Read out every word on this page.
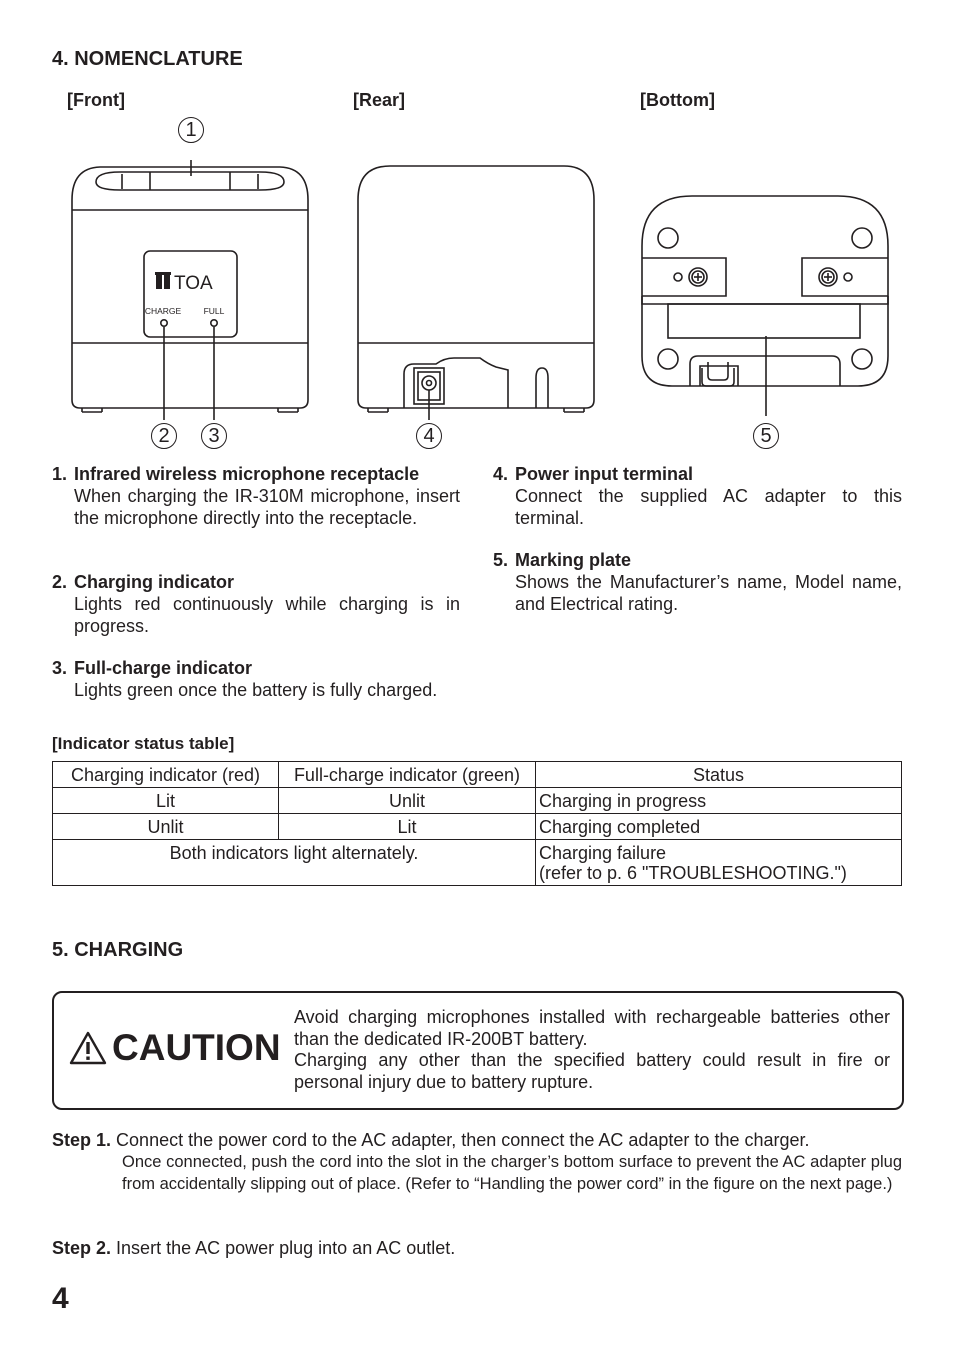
4. NOMENCLATURE
[Front]	[Rear]	[Bottom]
TOA
CHARGE	FULL
1
2	3	4	5
1. Infrared wireless microphone receptacle
When charging the IR-310M microphone, insert the microphone directly into the receptacle.
2. Charging indicator
Lights red continuously while charging is in progress.
3. Full-charge indicator
Lights green once the battery is fully charged.
4. Power input terminal
Connect the supplied AC adapter to this terminal.
5. Marking plate
Shows the Manufacturer’s name, Model name, and Electrical rating.
[Indicator status table]
Charging indicator (red)	Full-charge indicator (green)	Status
Lit	Unlit	Charging in progress
Unlit	Lit	Charging completed
Both indicators light alternately.		Charging failure
(refer to p. 6 "TROUBLESHOOTING.")
5. CHARGING
CAUTION
Avoid charging microphones installed with rechargeable batteries other than the dedicated IR-200BT battery.
Charging any other than the specified battery could result in fire or personal injury due to battery rupture.
Step 1. Connect the power cord to the AC adapter, then connect the AC adapter to the charger.
Once connected, push the cord into the slot in the charger’s bottom surface to prevent the AC adapter plug from accidentally slipping out of place. (Refer to “Handling the power cord” in the figure on the next page.)
Step 2. Insert the AC power plug into an AC outlet.
4
